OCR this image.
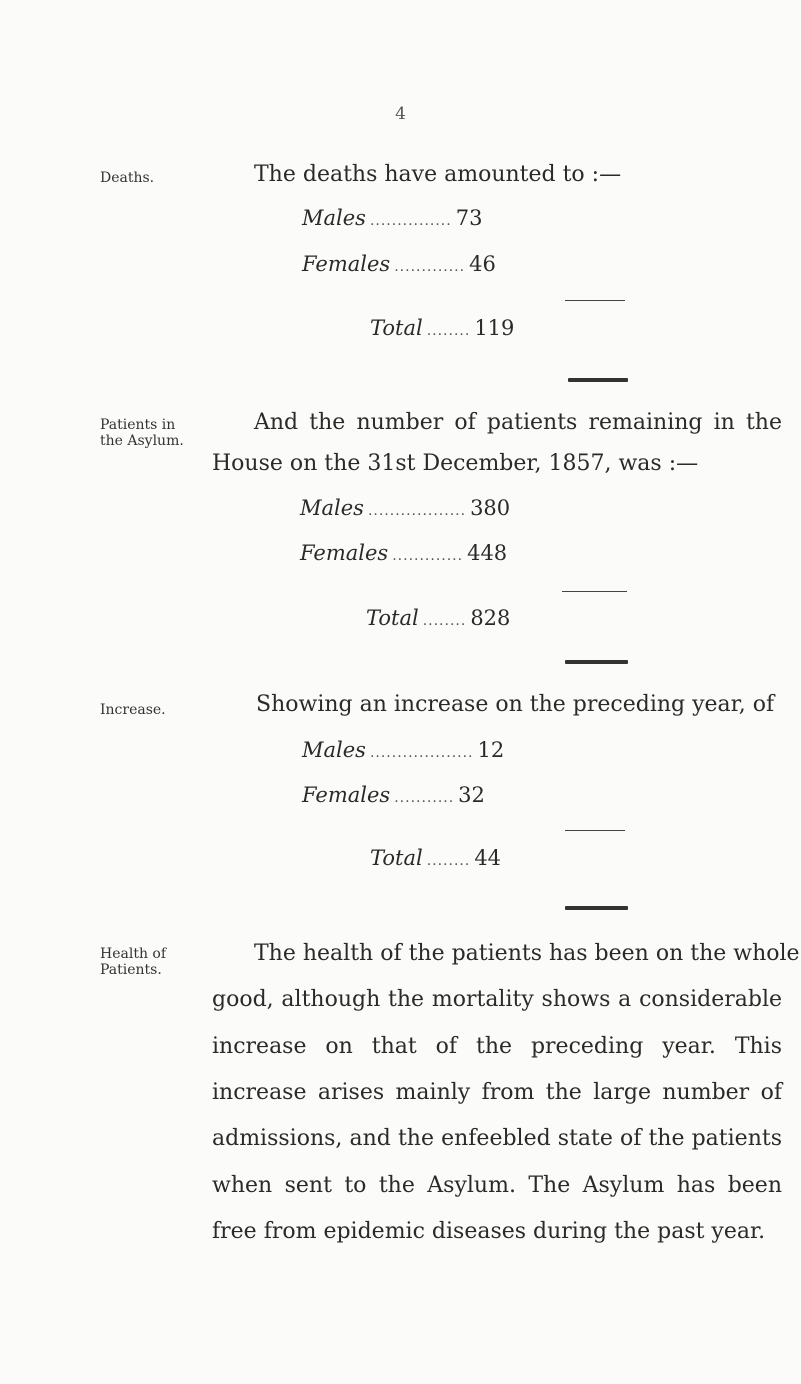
4
Deaths.	The deaths have amounted to :—
Males ............... 73
Females ............. 46
Total ........ 119
Patients in
the Asylum.
And the number of patients remaining in the
House on the 31st December, 1857, was :—
Males .................. 380
Females ............. 448
Total ........ 828
Increase.	Showing an increase on the preceding year, of
Males ................... 12
Females ........... 32
Total ........ 44
Health of
Patients.
The health of the patients has been on the whole
good, although the mortality shows a considerable
increase on that of the preceding year. This
increase arises mainly from the large number of
admissions, and the enfeebled state of the patients
when sent to the Asylum. The Asylum has been
free from epidemic diseases during the past year.
